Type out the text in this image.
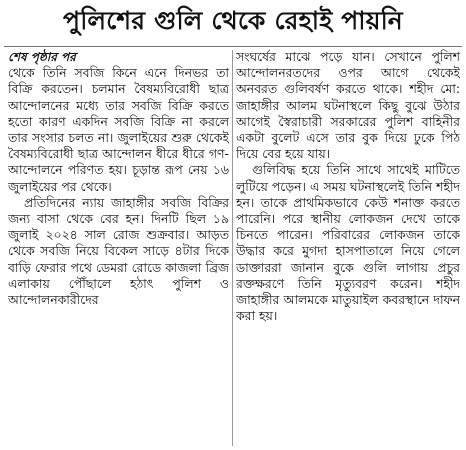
পুলিশের গুলি থেকে রেহাই পায়নি
শেষ পৃষ্ঠার পর

থেকে তিনি সবজি কিনে এনে দিনভর তা বিক্রি করতেন। চলমান বৈষম্যবিরোধী ছাত্র আন্দোলনের মধ্যে তার সবজি বিক্রি করতে হতো কারণ একদিন সবজি বিক্রি না করলে তার সংসার চলত না। জুলাইয়ের শুরু থেকেই বৈষম্যবিরোধী ছাত্র আন্দোলন ধীরে ধীরে গণ-আন্দোলনে পরিণত হয়। চূড়ান্ত রূপ নেয় ১৬ জুলাইয়ের পর থেকে।

প্রতিদিনের ন্যায় জাহাঙ্গীর সবজি বিক্রির জন্য বাসা থেকে বের হন। দিনটি ছিল ১৯ জুলাই ২০২৪ সাল রোজ শুক্রবার। আড়ত থেকে সবজি নিয়ে বিকেল সাড়ে ৪টার দিকে বাড়ি ফেরার পথে ডেমরা রোডে কাজলা ব্রিজ এলাকায় পৌঁছালে হঠাৎ পুলিশ ও আন্দোলনকারীদের

সংঘর্ষের মাঝে পড়ে যান। সেখানে পুলিশ আন্দোলনরতদের ওপর আগে থেকেই অনবরত গুলিবর্ষণ করতে থাকে। শহীদ মো: জাহাঙ্গীর আলম ঘটনাস্থলে কিছু বুঝে উঠার আগেই স্বৈরাচারী সরকারের পুলিশ বাহিনীর একটা বুলেট এসে তার বুক দিয়ে ঢুকে পিঠ দিয়ে বের হয়ে যায়।

গুলিবিদ্ধ হয়ে তিনি সাথে সাথেই মাটিতে লুটিয়ে পড়েন। এ সময় ঘটনাস্থলেই তিনি শহীদ হন। তাকে প্রাথমিকভাবে কেউ শনাক্ত করতে পারেনি। পরে স্থানীয় লোকজন দেখে তাকে চিনতে পারেন। পরিবারের লোকজন তাকে উদ্ধার করে মুগদা হাসপাতালে নিয়ে গেলে ডাক্তাররা জানান বুকে গুলি লাগায় প্রচুর রক্তক্ষরণে তিনি মৃত্যুবরণ করেন। শহীদ জাহাঙ্গীর আলমকে মাতুয়াইল কবরস্থানে দাফন করা হয়।
